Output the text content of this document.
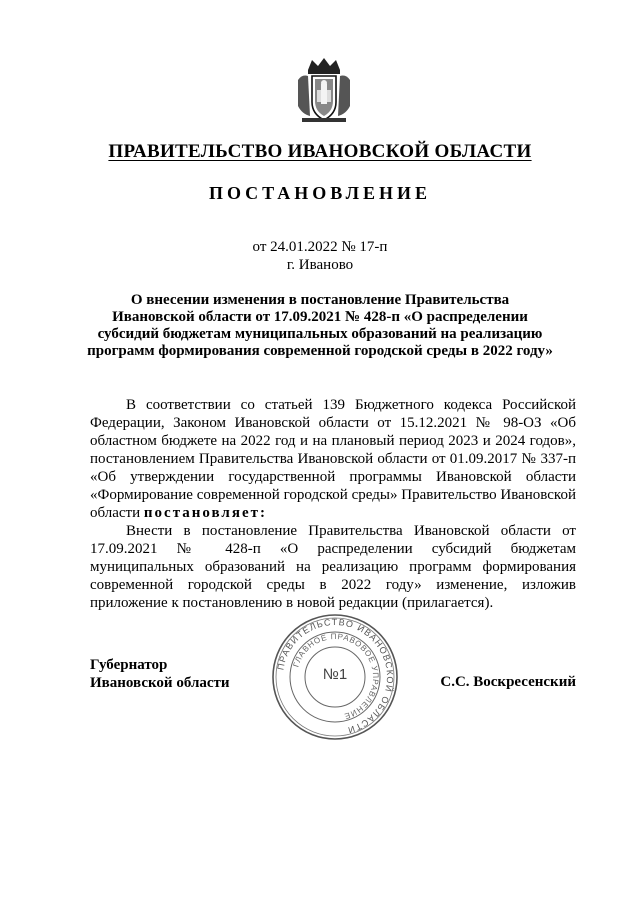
ПРАВИТЕЛЬСТВО ИВАНОВСКОЙ ОБЛАСТИ
ПОСТАНОВЛЕНИЕ
от 24.01.2022 № 17-п
г. Иваново
О внесении изменения в постановление Правительства
Ивановской области от 17.09.2021 № 428-п «О распределении
субсидий бюджетам муниципальных образований на реализацию
программ формирования современной городской среды в 2022 году»

В соответствии со статьей 139 Бюджетного кодекса Российской Федерации, Законом Ивановской области от 15.12.2021 № 98-ОЗ «Об областном бюджете на 2022 год и на плановый период 2023 и 2024 годов», постановлением Правительства Ивановской области от 01.09.2017 № 337-п «Об утверждении государственной программы Ивановской области «Формирование современной городской среды» Правительство Ивановской области постановляет:

Внести в постановление Правительства Ивановской области от 17.09.2021 № 428-п «О распределении субсидий бюджетам муниципальных образований на реализацию программ формирования современной городской среды в 2022 году» изменение, изложив приложение к постановлению в новой редакции (прилагается).

Губернатор
Ивановской области
ПРАВИТЕЛЬСТВО ИВАНОВСКОЙ ОБЛАСТИ
ГЛАВНОЕ ПРАВОВОЕ УПРАВЛЕНИЕ
№1	С.С. Воскресенский
